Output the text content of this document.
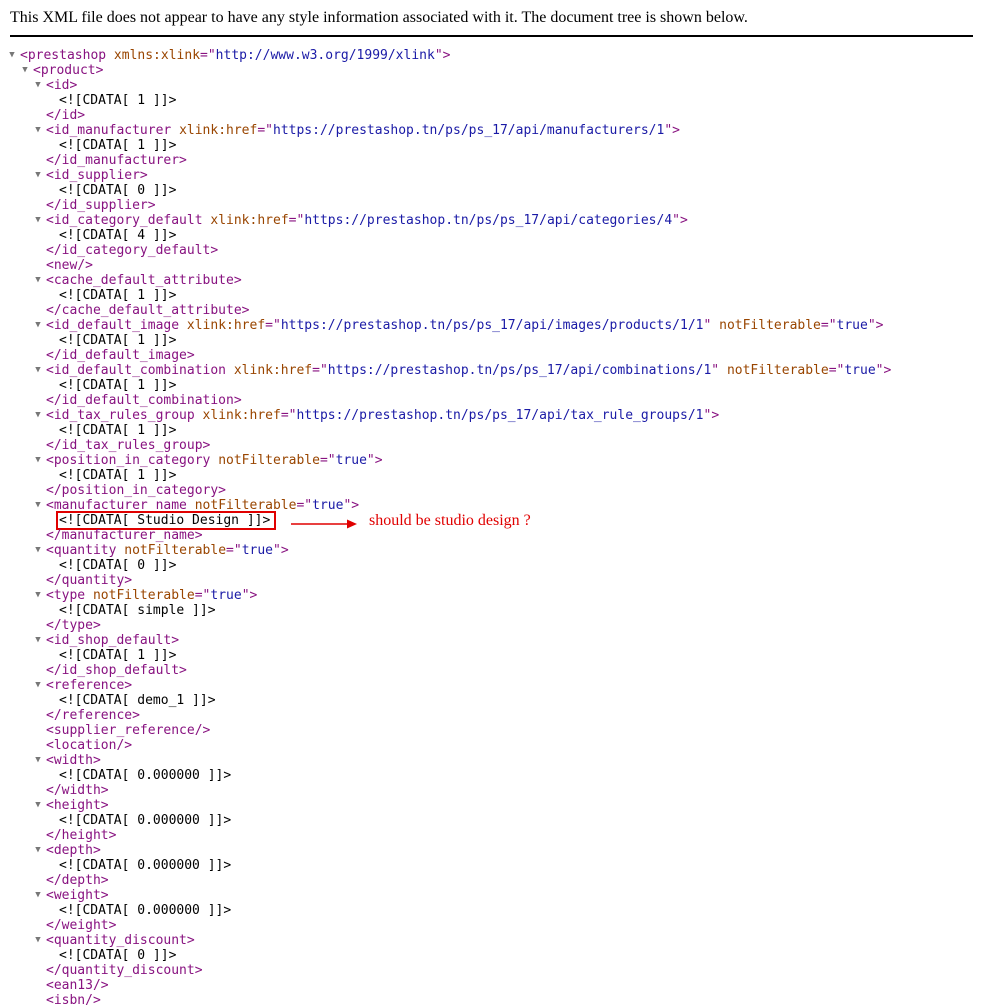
This XML file does not appear to have any style information associated with it. The document tree is shown below.
▼ <prestashop xmlns:xlink="http://www.w3.org/1999/xlink">
▼ <product>
▼ <id>
<![CDATA[ 1 ]]>
</id>
▼ <id_manufacturer xlink:href="https://prestashop.tn/ps/ps_17/api/manufacturers/1">
<![CDATA[ 1 ]]>
</id_manufacturer>
▼ <id_supplier>
<![CDATA[ 0 ]]>
</id_supplier>
▼ <id_category_default xlink:href="https://prestashop.tn/ps/ps_17/api/categories/4">
<![CDATA[ 4 ]]>
</id_category_default>
<new/>
▼ <cache_default_attribute>
<![CDATA[ 1 ]]>
</cache_default_attribute>
▼ <id_default_image xlink:href="https://prestashop.tn/ps/ps_17/api/images/products/1/1" notFilterable="true">
<![CDATA[ 1 ]]>
</id_default_image>
▼ <id_default_combination xlink:href="https://prestashop.tn/ps/ps_17/api/combinations/1" notFilterable="true">
<![CDATA[ 1 ]]>
</id_default_combination>
▼ <id_tax_rules_group xlink:href="https://prestashop.tn/ps/ps_17/api/tax_rule_groups/1">
<![CDATA[ 1 ]]>
</id_tax_rules_group>
▼ <position_in_category notFilterable="true">
<![CDATA[ 1 ]]>
</position_in_category>
▼ <manufacturer_name notFilterable="true">
<![CDATA[ Studio Design ]]>
</manufacturer_name>
▼ <quantity notFilterable="true">
<![CDATA[ 0 ]]>
</quantity>
▼ <type notFilterable="true">
<![CDATA[ simple ]]>
</type>
▼ <id_shop_default>
<![CDATA[ 1 ]]>
</id_shop_default>
▼ <reference>
<![CDATA[ demo_1 ]]>
</reference>
<supplier_reference/>
<location/>
▼ <width>
<![CDATA[ 0.000000 ]]>
</width>
▼ <height>
<![CDATA[ 0.000000 ]]>
</height>
▼ <depth>
<![CDATA[ 0.000000 ]]>
</depth>
▼ <weight>
<![CDATA[ 0.000000 ]]>
</weight>
▼ <quantity_discount>
<![CDATA[ 0 ]]>
</quantity_discount>
<ean13/>
<isbn/>
should be studio design ?
